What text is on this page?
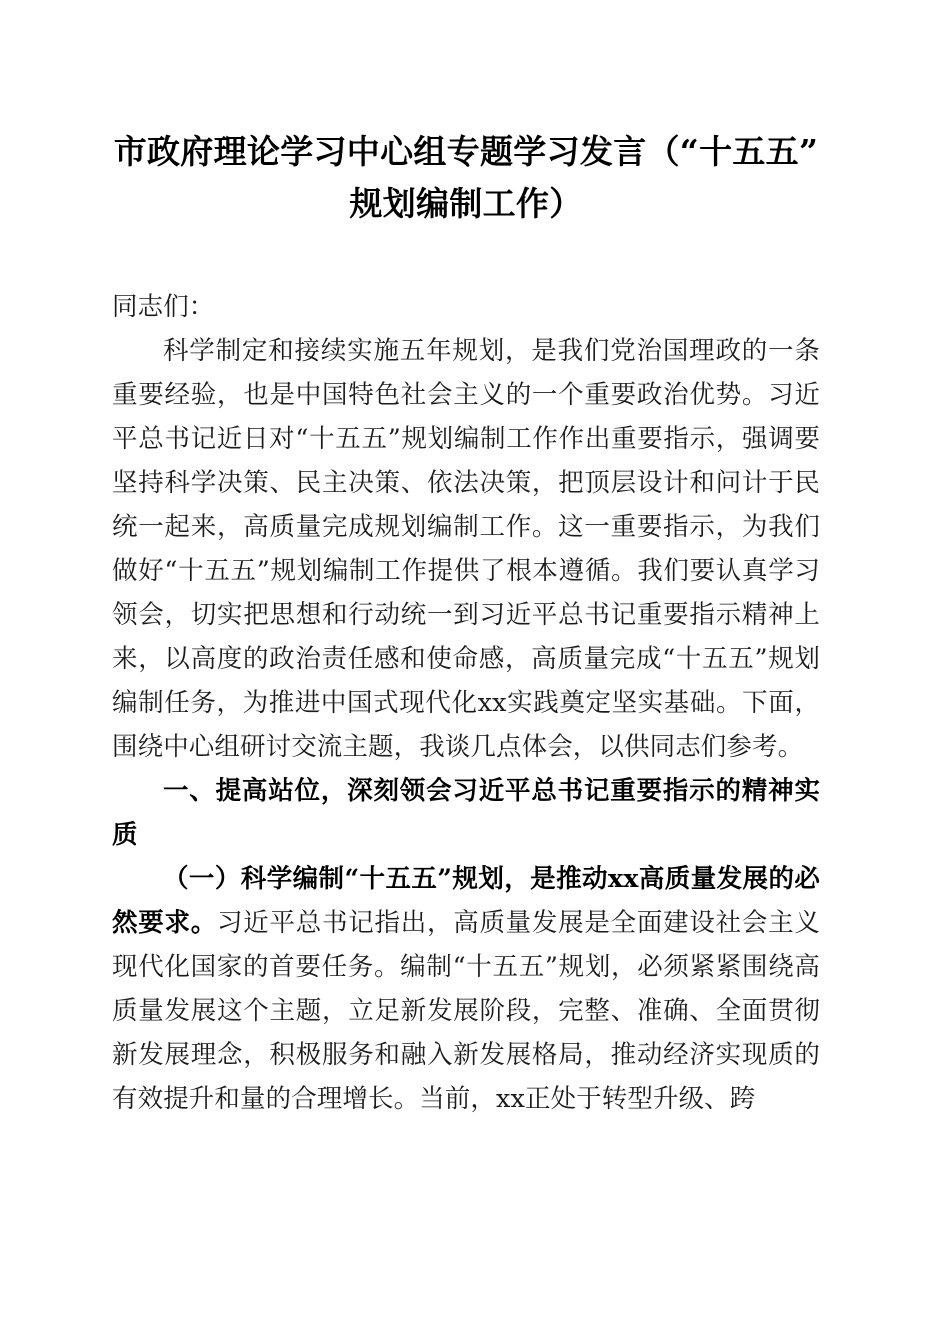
市政府理论学习中心组专题学习发言（“十五五”规划编制工作）

同志们：

科学制定和接续实施五年规划，是我们党治国理政的一条重要经验，也是中国特色社会主义的一个重要政治优势。习近平总书记近日对“十五五”规划编制工作作出重要指示，强调要坚持科学决策、民主决策、依法决策，把顶层设计和问计于民统一起来，高质量完成规划编制工作。这一重要指示，为我们做好“十五五”规划编制工作提供了根本遵循。我们要认真学习领会，切实把思想和行动统一到习近平总书记重要指示精神上来，以高度的政治责任感和使命感，高质量完成“十五五”规划编制任务，为推进中国式现代化xx实践奠定坚实基础。下面，围绕中心组研讨交流主题，我谈几点体会，以供同志们参考。

一、提高站位，深刻领会习近平总书记重要指示的精神实质

（一）科学编制“十五五”规划，是推动xx高质量发展的必然要求。习近平总书记指出，高质量发展是全面建设社会主义现代化国家的首要任务。编制“十五五”规划，必须紧紧围绕高质量发展这个主题，立足新发展阶段，完整、准确、全面贯彻新发展理念，积极服务和融入新发展格局，推动经济实现质的有效提升和量的合理增长。当前，xx正处于转型升级、跨
